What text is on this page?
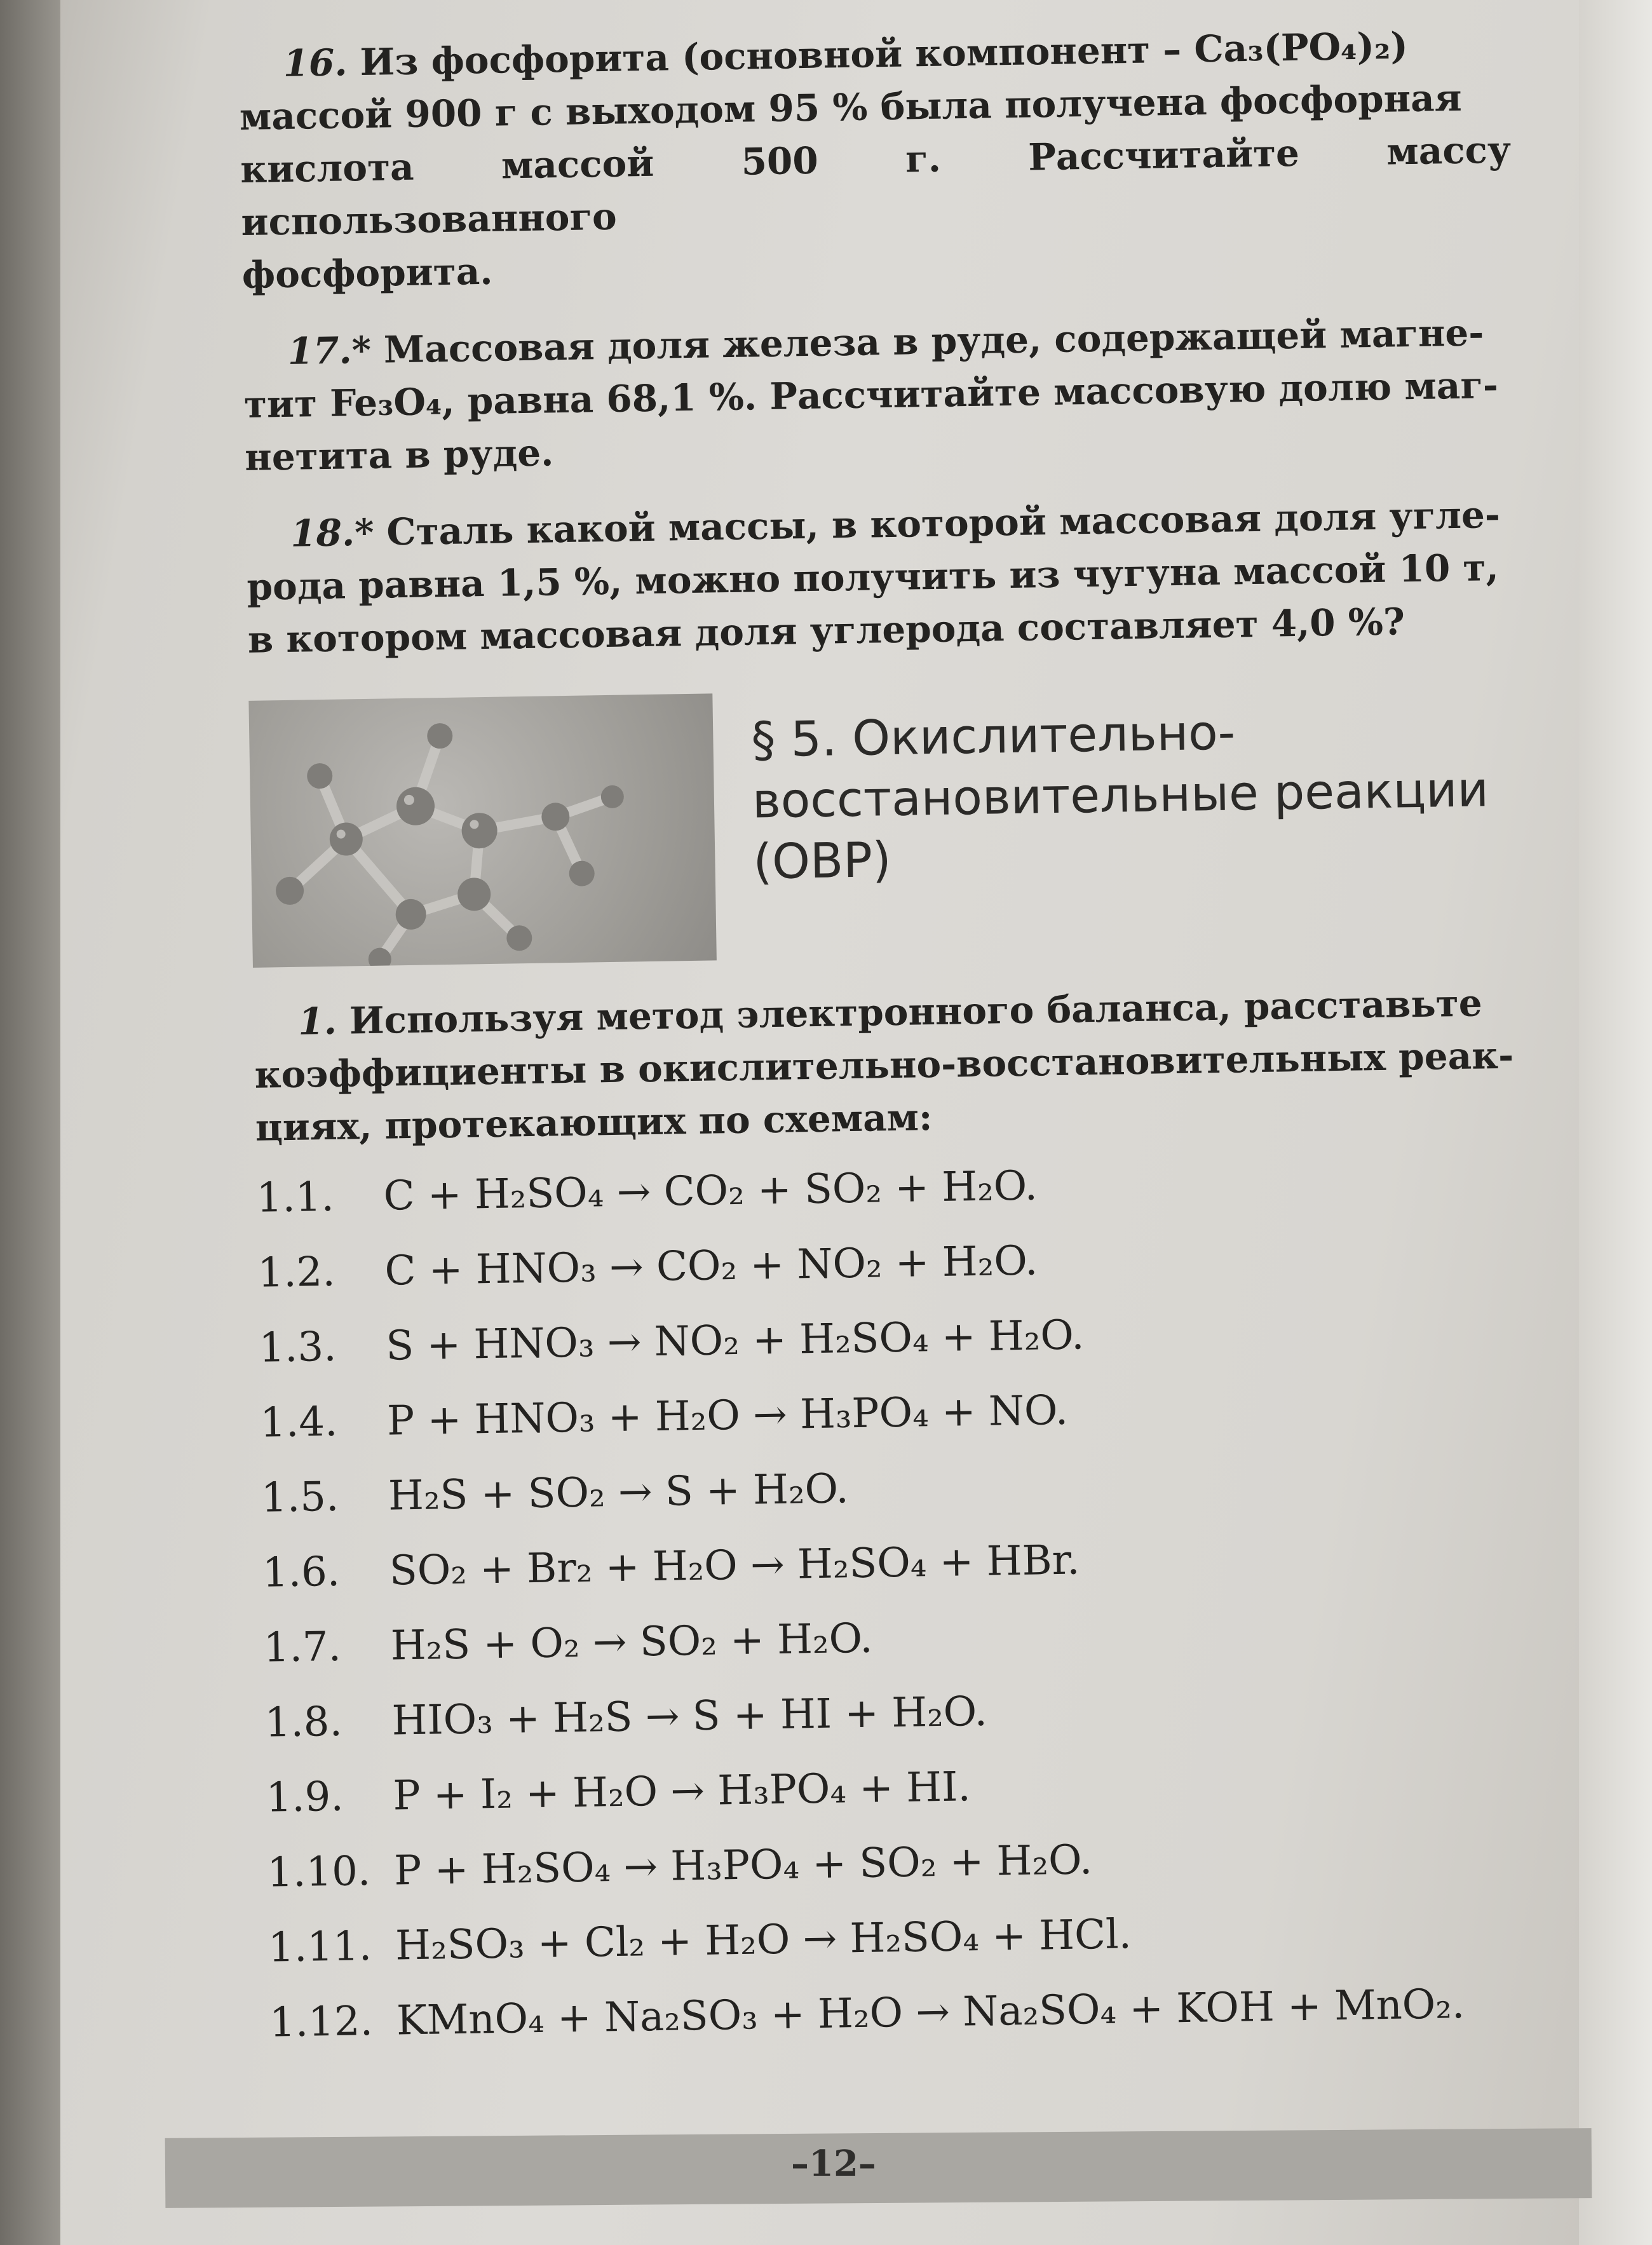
16. Из фосфорита (основной компонент – Ca₃(PO₄)₂)
массой 900 г с выходом 95 % была получена фосфорная
кислота массой 500 г. Рассчитайте массу использованного
фосфорита.
17.* Массовая доля железа в руде, содержащей магне-
тит Fe₃O₄, равна 68,1 %. Рассчитайте массовую долю маг-
нетита в руде.
18.* Сталь какой массы, в которой массовая доля угле-
рода равна 1,5 %, можно получить из чугуна массой 10 т,
в котором массовая доля углерода составляет 4,0 %?
§ 5. Окислительно-
восстановительные реакции
(ОВР)
1. Используя метод электронного баланса, расставьте
коэффициенты в окислительно-восстановительных реак-
циях, протекающих по схемам:
1.1. C + H₂SO₄ → CO₂ + SO₂ + H₂O.
1.2. C + HNO₃ → CO₂ + NO₂ + H₂O.
1.3. S + HNO₃ → NO₂ + H₂SO₄ + H₂O.
1.4. P + HNO₃ + H₂O → H₃PO₄ + NO.
1.5. H₂S + SO₂ → S + H₂O.
1.6. SO₂ + Br₂ + H₂O → H₂SO₄ + HBr.
1.7. H₂S + O₂ → SO₂ + H₂O.
1.8. HIO₃ + H₂S → S + HI + H₂O.
1.9. P + I₂ + H₂O → H₃PO₄ + HI.
1.10. P + H₂SO₄ → H₃PO₄ + SO₂ + H₂O.
1.11. H₂SO₃ + Cl₂ + H₂O → H₂SO₄ + HCl.
1.12. KMnO₄ + Na₂SO₃ + H₂O → Na₂SO₄ + KOH + MnO₂.
–12–
